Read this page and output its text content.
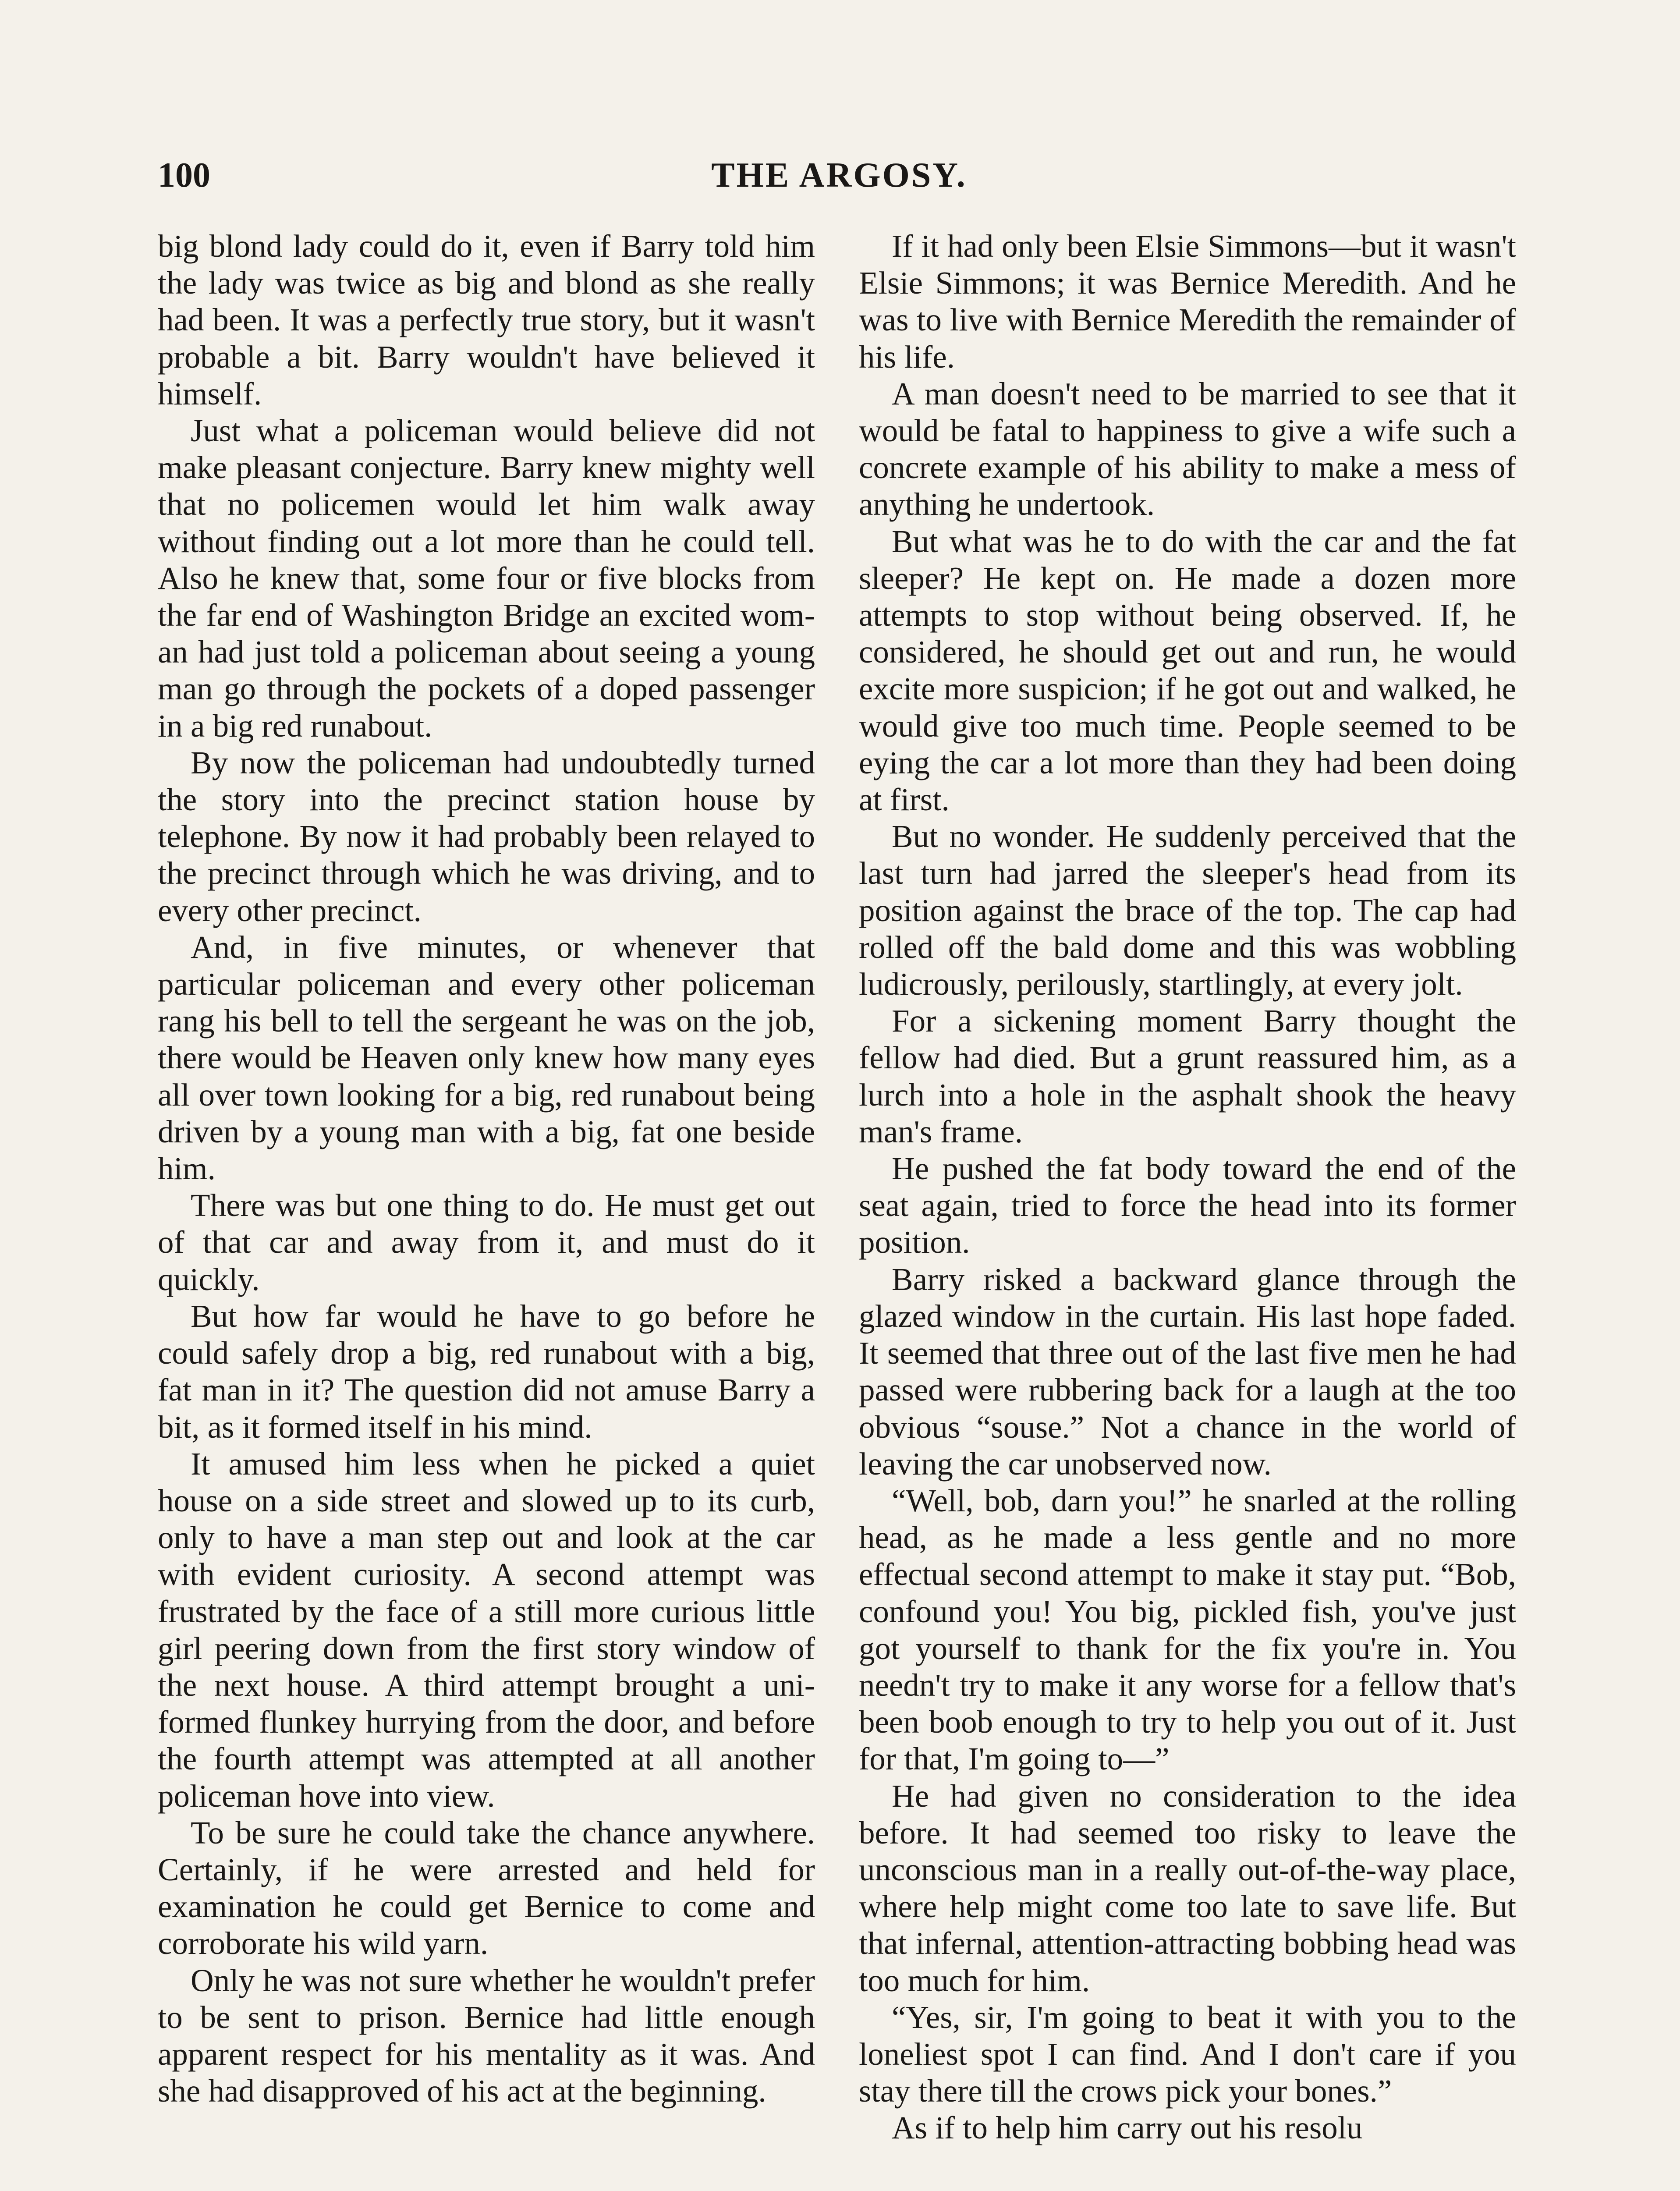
100	THE ARGOSY.

big blond lady could do it, even if Barry told him the lady was twice as big and blond as she really had been. It was a perfectly true story, but it wasn't probable a bit. Barry wouldn't have believed it himself.

Just what a policeman would believe did not make pleasant conjecture. Barry knew mighty well that no policemen would let him walk away without finding out a lot more than he could tell. Also he knew that, some four or five blocks from the far end of Washington Bridge an excited woman had just told a policeman about seeing a young man go through the pockets of a doped passenger in a big red runabout.

By now the policeman had undoubtedly turned the story into the precinct station house by telephone. By now it had probably been relayed to the precinct through which he was driving, and to every other precinct.

And, in five minutes, or whenever that particular policeman and every other policeman rang his bell to tell the sergeant he was on the job, there would be Heaven only knew how many eyes all over town looking for a big, red runabout being driven by a young man with a big, fat one beside him.

There was but one thing to do. He must get out of that car and away from it, and must do it quickly.

But how far would he have to go before he could safely drop a big, red runabout with a big, fat man in it? The question did not amuse Barry a bit, as it formed itself in his mind.

It amused him less when he picked a quiet house on a side street and slowed up to its curb, only to have a man step out and look at the car with evident curiosity. A second attempt was frustrated by the face of a still more curious little girl peering down from the first story window of the next house. A third attempt brought a uniformed flunkey hurrying from the door, and before the fourth attempt was attempted at all another policeman hove into view.

To be sure he could take the chance anywhere. Certainly, if he were arrested and held for examination he could get Bernice to come and corroborate his wild yarn.

Only he was not sure whether he wouldn't prefer to be sent to prison. Bernice had little enough apparent respect for his mentality as it was. And she had disapproved of his act at the beginning.

If it had only been Elsie Simmons—but it wasn't Elsie Simmons; it was Bernice Meredith. And he was to live with Bernice Meredith the remainder of his life.

A man doesn't need to be married to see that it would be fatal to happiness to give a wife such a concrete example of his ability to make a mess of anything he undertook.

But what was he to do with the car and the fat sleeper? He kept on. He made a dozen more attempts to stop without being observed. If, he considered, he should get out and run, he would excite more suspicion; if he got out and walked, he would give too much time. People seemed to be eying the car a lot more than they had been doing at first.

But no wonder. He suddenly perceived that the last turn had jarred the sleeper's head from its position against the brace of the top. The cap had rolled off the bald dome and this was wobbling ludicrously, perilously, startlingly, at every jolt.

For a sickening moment Barry thought the fellow had died. But a grunt reassured him, as a lurch into a hole in the asphalt shook the heavy man's frame.

He pushed the fat body toward the end of the seat again, tried to force the head into its former position.

Barry risked a backward glance through the glazed window in the curtain. His last hope faded. It seemed that three out of the last five men he had passed were rubbering back for a laugh at the too obvious “souse.” Not a chance in the world of leaving the car unobserved now.

“Well, bob, darn you!” he snarled at the rolling head, as he made a less gentle and no more effectual second attempt to make it stay put. “Bob, confound you! You big, pickled fish, you've just got yourself to thank for the fix you're in. You needn't try to make it any worse for a fellow that's been boob enough to try to help you out of it. Just for that, I'm going to—”

He had given no consideration to the idea before. It had seemed too risky to leave the unconscious man in a really out-of-the-way place, where help might come too late to save life. But that infernal, attention-attracting bobbing head was too much for him.

“Yes, sir, I'm going to beat it with you to the loneliest spot I can find. And I don't care if you stay there till the crows pick your bones.”

As if to help him carry out his resolu
